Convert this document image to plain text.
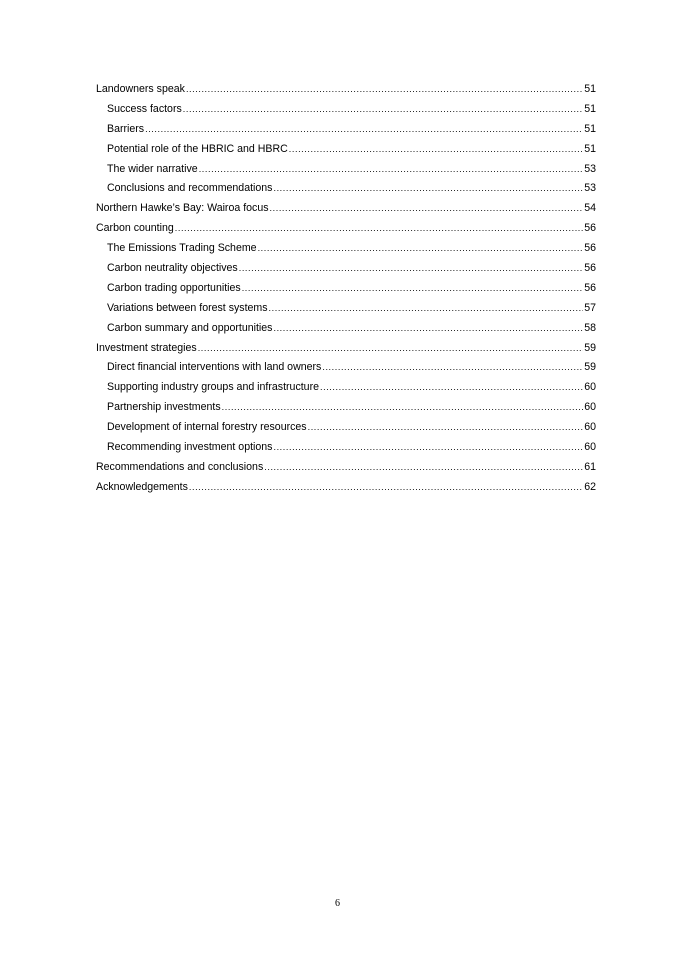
Landowners speak .....	51
Success factors .....	51
Barriers .....	51
Potential role of the HBRIC and HBRC .....	51
The wider narrative .....	53
Conclusions and recommendations .....	53
Northern Hawke’s Bay: Wairoa focus .....	54
Carbon counting .....	56
The Emissions Trading Scheme .....	56
Carbon neutrality objectives .....	56
Carbon trading opportunities .....	56
Variations between forest systems .....	57
Carbon summary and opportunities .....	58
Investment strategies .....	59
Direct financial interventions with land owners .....	59
Supporting industry groups and infrastructure .....	60
Partnership investments .....	60
Development of internal forestry resources .....	60
Recommending investment options .....	60
Recommendations and conclusions .....	61
Acknowledgements .....	62
6
